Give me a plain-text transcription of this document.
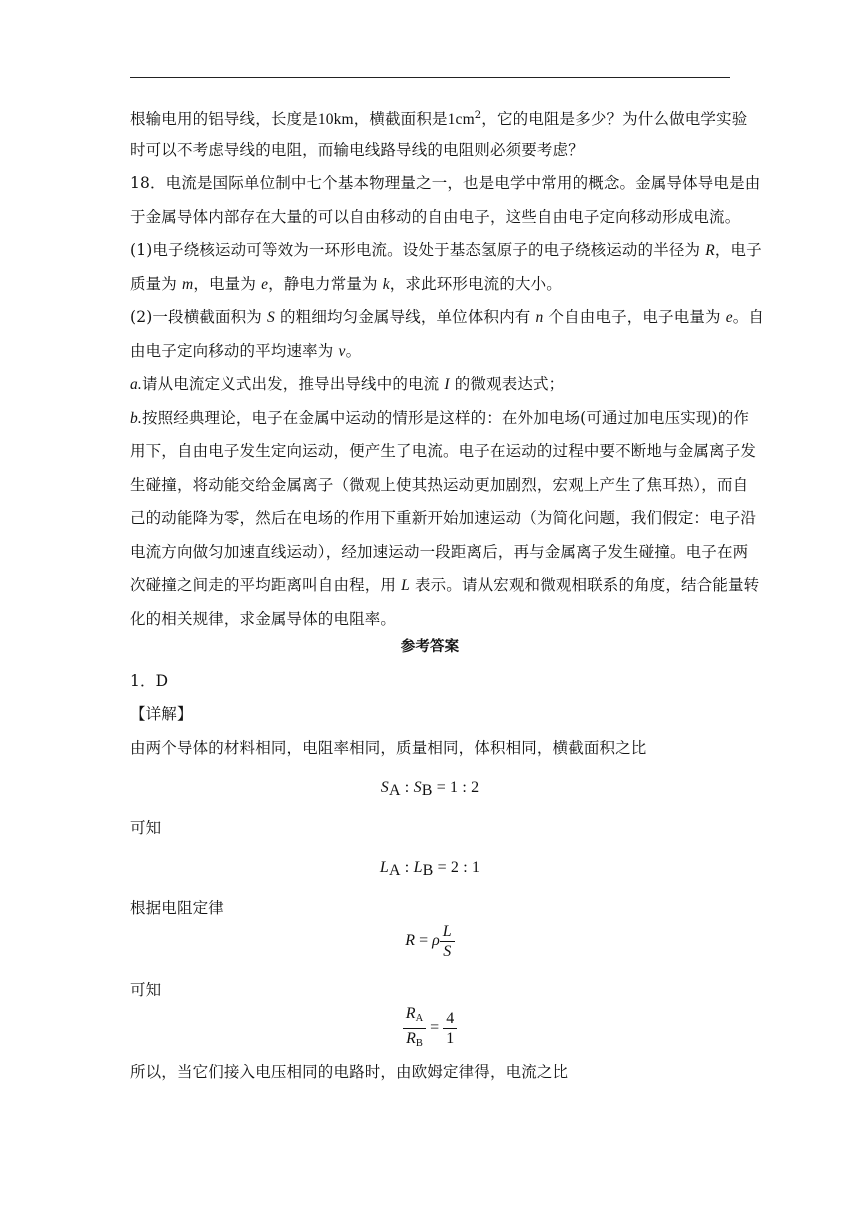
根输电用的铝导线，长度是10km，横截面积是$1cm^2$，它的电阻是多少？为什么做电学实验
时可以不考虑导线的电阻，而输电线路导线的电阻则必须要考虑？
18．电流是国际单位制中七个基本物理量之一，也是电学中常用的概念。金属导体导电是由
于金属导体内部存在大量的可以自由移动的自由电子，这些自由电子定向移动形成电流。
(1)电子绕核运动可等效为一环形电流。设处于基态氢原子的电子绕核运动的半径为 R，电子
质量为 m，电量为 e，静电力常量为 k，求此环形电流的大小。
(2)一段横截面积为 S 的粗细均匀金属导线，单位体积内有 n 个自由电子，电子电量为 e。自
由电子定向移动的平均速率为 v。
a.请从电流定义式出发，推导出导线中的电流 I 的微观表达式；
b.按照经典理论，电子在金属中运动的情形是这样的：在外加电场(可通过加电压实现)的作
用下，自由电子发生定向运动，便产生了电流。电子在运动的过程中要不断地与金属离子发
生碰撞，将动能交给金属离子（微观上使其热运动更加剧烈，宏观上产生了焦耳热），而自
己的动能降为零，然后在电场的作用下重新开始加速运动（为简化问题，我们假定：电子沿
电流方向做匀加速直线运动），经加速运动一段距离后，再与金属离子发生碰撞。电子在两
次碰撞之间走的平均距离叫自由程，用 L 表示。请从宏观和微观相联系的角度，结合能量转
化的相关规律，求金属导体的电阻率。
参考答案
1．D
【详解】
由两个导体的材料相同，电阻率相同，质量相同，体积相同，横截面积之比
SA : SB = 1 : 2
可知
LA : LB = 2 : 1
根据电阻定律
R = ρ $\frac{L}{S}$
可知
$\frac{R_A}{R_B} = \frac{4}{1}$
所以，当它们接入电压相同的电路时，由欧姆定律得，电流之比
